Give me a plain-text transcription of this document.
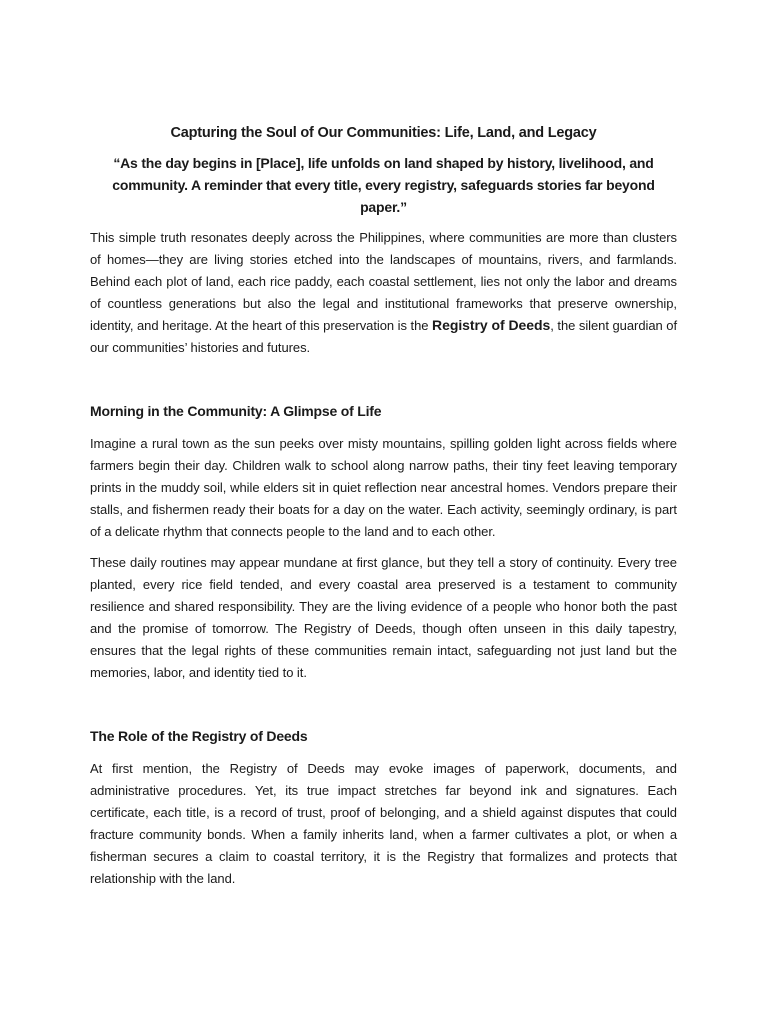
Capturing the Soul of Our Communities: Life, Land, and Legacy
“As the day begins in [Place], life unfolds on land shaped by history, livelihood, and community. A reminder that every title, every registry, safeguards stories far beyond paper.”
This simple truth resonates deeply across the Philippines, where communities are more than clusters of homes—they are living stories etched into the landscapes of mountains, rivers, and farmlands. Behind each plot of land, each rice paddy, each coastal settlement, lies not only the labor and dreams of countless generations but also the legal and institutional frameworks that preserve ownership, identity, and heritage. At the heart of this preservation is the Registry of Deeds, the silent guardian of our communities’ histories and futures.
Morning in the Community: A Glimpse of Life
Imagine a rural town as the sun peeks over misty mountains, spilling golden light across fields where farmers begin their day. Children walk to school along narrow paths, their tiny feet leaving temporary prints in the muddy soil, while elders sit in quiet reflection near ancestral homes. Vendors prepare their stalls, and fishermen ready their boats for a day on the water. Each activity, seemingly ordinary, is part of a delicate rhythm that connects people to the land and to each other.
These daily routines may appear mundane at first glance, but they tell a story of continuity. Every tree planted, every rice field tended, and every coastal area preserved is a testament to community resilience and shared responsibility. They are the living evidence of a people who honor both the past and the promise of tomorrow. The Registry of Deeds, though often unseen in this daily tapestry, ensures that the legal rights of these communities remain intact, safeguarding not just land but the memories, labor, and identity tied to it.
The Role of the Registry of Deeds
At first mention, the Registry of Deeds may evoke images of paperwork, documents, and administrative procedures. Yet, its true impact stretches far beyond ink and signatures. Each certificate, each title, is a record of trust, proof of belonging, and a shield against disputes that could fracture community bonds. When a family inherits land, when a farmer cultivates a plot, or when a fisherman secures a claim to coastal territory, it is the Registry that formalizes and protects that relationship with the land.
